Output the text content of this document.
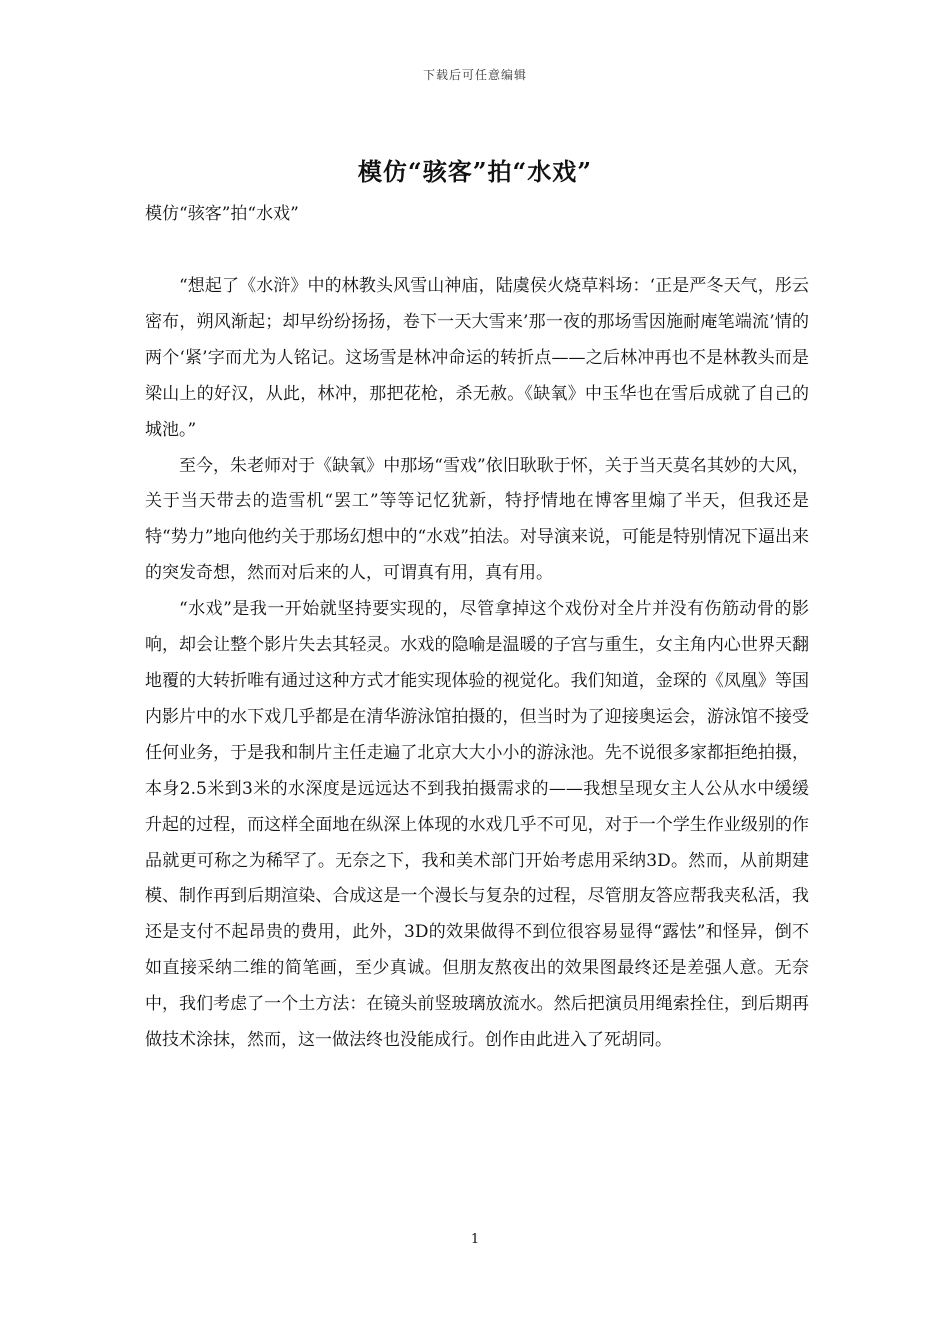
下载后可任意编辑
模仿“骇客”拍“水戏”
模仿“骇客”拍“水戏”

“想起了《水浒》中的林教头风雪山神庙，陆虞侯火烧草料场：‘正是严冬天气，彤云密布，朔风渐起；却早纷纷扬扬，卷下一天大雪来’那一夜的那场雪因施耐庵笔端流’情的两个‘紧’字而尤为人铭记。这场雪是林冲命运的转折点——之后林冲再也不是林教头而是梁山上的好汉，从此，林冲，那把花枪，杀无赦。《缺氧》中玉华也在雪后成就了自己的城池。”

至今，朱老师对于《缺氧》中那场“雪戏”依旧耿耿于怀，关于当天莫名其妙的大风，关于当天带去的造雪机“罢工”等等记忆犹新，特抒情地在博客里煽了半天，但我还是特“势力”地向他约关于那场幻想中的“水戏”拍法。对导演来说，可能是特别情况下逼出来的突发奇想，然而对后来的人，可谓真有用，真有用。

“水戏”是我一开始就坚持要实现的，尽管拿掉这个戏份对全片并没有伤筋动骨的影响，却会让整个影片失去其轻灵。水戏的隐喻是温暖的子宫与重生，女主角内心世界天翻地覆的大转折唯有通过这种方式才能实现体验的视觉化。我们知道，金琛的《凤凰》等国内影片中的水下戏几乎都是在清华游泳馆拍摄的，但当时为了迎接奥运会，游泳馆不接受任何业务，于是我和制片主任走遍了北京大大小小的游泳池。先不说很多家都拒绝拍摄，本身2.5米到3米的水深度是远远达不到我拍摄需求的——我想呈现女主人公从水中缓缓升起的过程，而这样全面地在纵深上体现的水戏几乎不可见，对于一个学生作业级别的作品就更可称之为稀罕了。无奈之下，我和美术部门开始考虑用采纳3D。然而，从前期建模、制作再到后期渲染、合成这是一个漫长与复杂的过程，尽管朋友答应帮我夹私活，我还是支付不起昂贵的费用，此外，3D的效果做得不到位很容易显得“露怯”和怪异，倒不如直接采纳二维的简笔画，至少真诚。但朋友熬夜出的效果图最终还是差强人意。无奈中，我们考虑了一个土方法：在镜头前竖玻璃放流水。然后把演员用绳索拴住，到后期再做技术涂抹，然而，这一做法终也没能成行。创作由此进入了死胡同。

1
